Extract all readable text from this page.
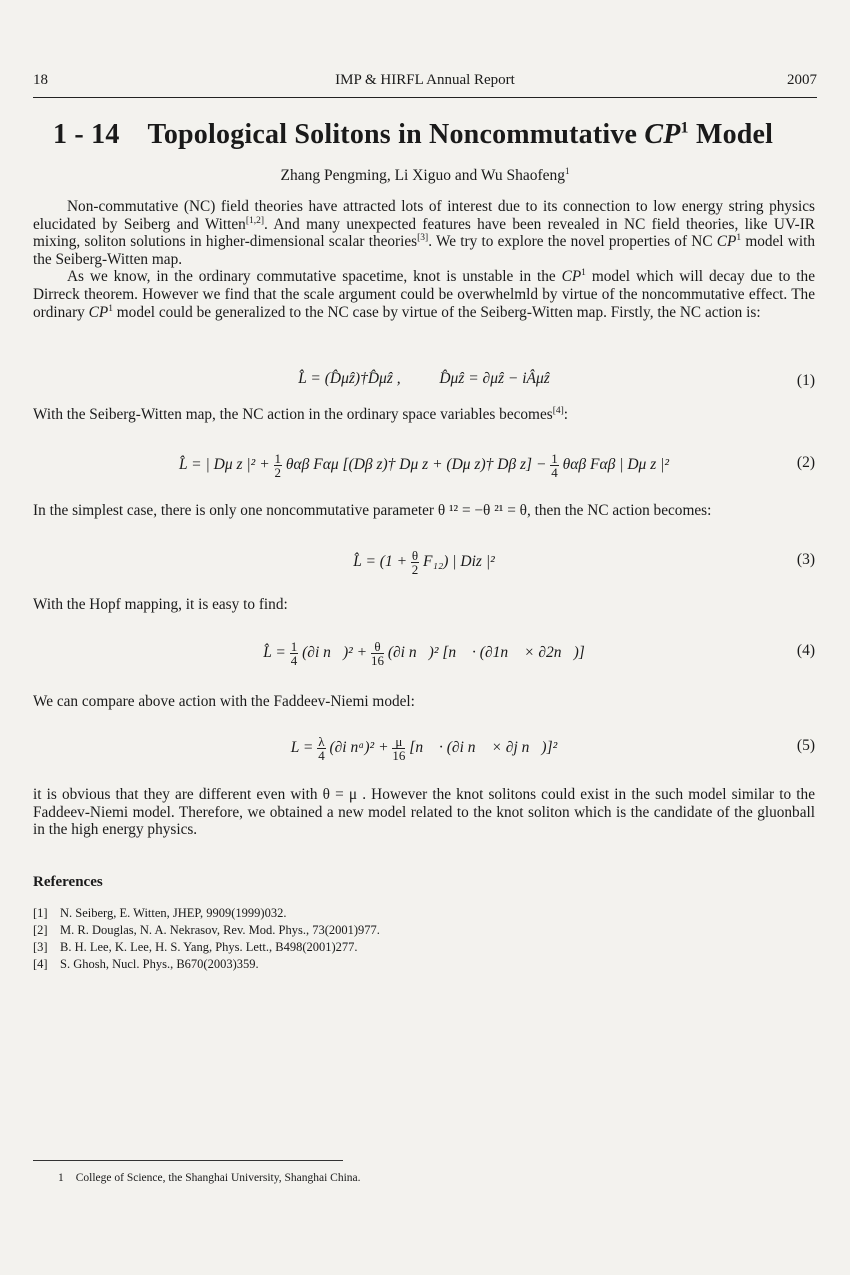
18	IMP & HIRFL Annual Report	2007
1 - 14 Topological Solitons in Noncommutative $CP^1$ Model
Zhang Pengming, Li Xiguo and Wu Shaofeng$^1$

Non-commutative (NC) field theories have attracted lots of interest due to its connection to low energy string physics elucidated by Seiberg and Witten[1,2]. And many unexpected features have been revealed in NC field theories, like UV-IR mixing, soliton solutions in higher-dimensional scalar theories[3]. We try to explore the novel properties of NC CP$^1$ model with the Seiberg-Witten map.

As we know, in the ordinary commutative spacetime, knot is unstable in the CP$^1$ model which will decay due to the Dirreck theorem. However we find that the scale argument could be overwhelmld by virtue of the noncommutative effect. The ordinary CP$^1$ model could be generalized to the NC case by virtue of the Seiberg-Witten map. Firstly, the NC action is:

L̂ = (D̂μẑ)†D̂μẑ ,	D̂μẑ = ∂μẑ − iÂμẑ	(1)

With the Seiberg-Witten map, the NC action in the ordinary space variables becomes[4]:

L̂ = | Dμ z $|^2 + \frac{1}{2}$ θαβ Fαμ [(Dβ z)† Dμ z + (Dμ z)† Dβ $z] - \frac{1}{4}$ θαβ Fαβ | Dμ z |²	(2)

In the simplest case, there is only one noncommutative parameter θ ¹² = −θ ²¹ = θ, then the NC action becomes:

L̂ = $(1 + \frac{\theta}{2} F_{12})$ | Diz |²	(3)

With the Hopf mapping, it is easy to find:

L̂ = $\frac{1}{4} (\partial i$ n⃗)² + $\frac{\theta}{16} (\partial i$ n⃗)² [n⃗ · (∂1n⃗ × ∂2n⃗)]	(4)

We can compare above action with the Faddeev-Niemi model:

$L = \frac{\lambda}{4} (\partial i$ nᵃ)² + $\frac{\mu}{16}$ [n⃗ · (∂i n⃗ × ∂j n⃗)]²	(5)

it is obvious that they are different even with θ = μ . However the knot solitons could exist in the such model similar to the Faddeev-Niemi model. Therefore, we obtained a new model related to the knot soliton which is the candidate of the gluonball in the high energy physics.

References
[1] N. Seiberg, E. Witten, JHEP, 9909(1999)032.
[2] M. R. Douglas, N. A. Nekrasov, Rev. Mod. Phys., 73(2001)977.
[3] B. H. Lee, K. Lee, H. S. Yang, Phys. Lett., B498(2001)277.
[4] S. Ghosh, Nucl. Phys., B670(2003)359.
1 College of Science, the Shanghai University, Shanghai China.
